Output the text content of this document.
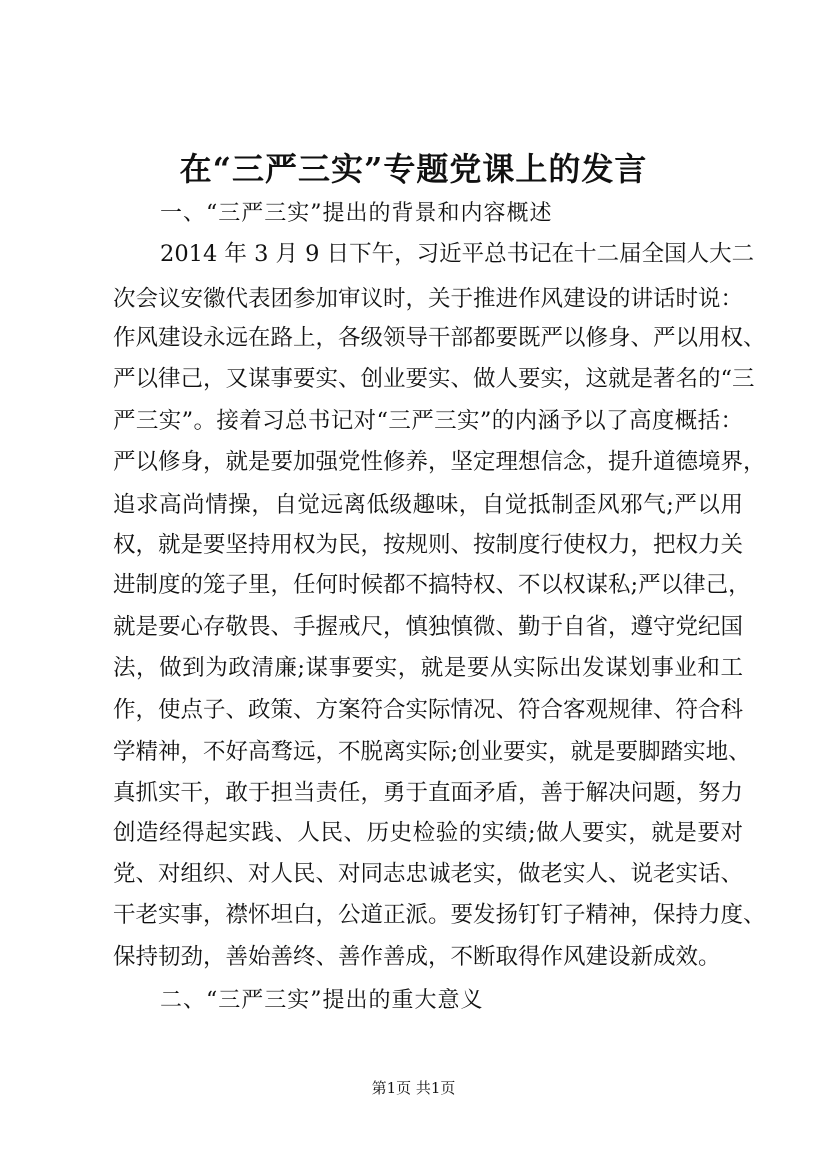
在“三严三实”专题党课上的发言
一、“三严三实”提出的背景和内容概述
2014 年 3 月 9 日下午，习近平总书记在十二届全国人大二
次会议安徽代表团参加审议时，关于推进作风建设的讲话时说：
作风建设永远在路上，各级领导干部都要既严以修身、严以用权、
严以律己，又谋事要实、创业要实、做人要实，这就是著名的“三
严三实”。接着习总书记对“三严三实”的内涵予以了高度概括：
严以修身，就是要加强党性修养，坚定理想信念，提升道德境界，
追求高尚情操，自觉远离低级趣味，自觉抵制歪风邪气;严以用
权，就是要坚持用权为民，按规则、按制度行使权力，把权力关
进制度的笼子里，任何时候都不搞特权、不以权谋私;严以律己，
就是要心存敬畏、手握戒尺，慎独慎微、勤于自省，遵守党纪国
法，做到为政清廉;谋事要实，就是要从实际出发谋划事业和工
作，使点子、政策、方案符合实际情况、符合客观规律、符合科
学精神，不好高骛远，不脱离实际;创业要实，就是要脚踏实地、
真抓实干，敢于担当责任，勇于直面矛盾，善于解决问题，努力
创造经得起实践、人民、历史检验的实绩;做人要实，就是要对
党、对组织、对人民、对同志忠诚老实，做老实人、说老实话、
干老实事，襟怀坦白，公道正派。要发扬钉钉子精神，保持力度、
保持韧劲，善始善终、善作善成，不断取得作风建设新成效。
二、“三严三实”提出的重大意义
第1页 共1页
